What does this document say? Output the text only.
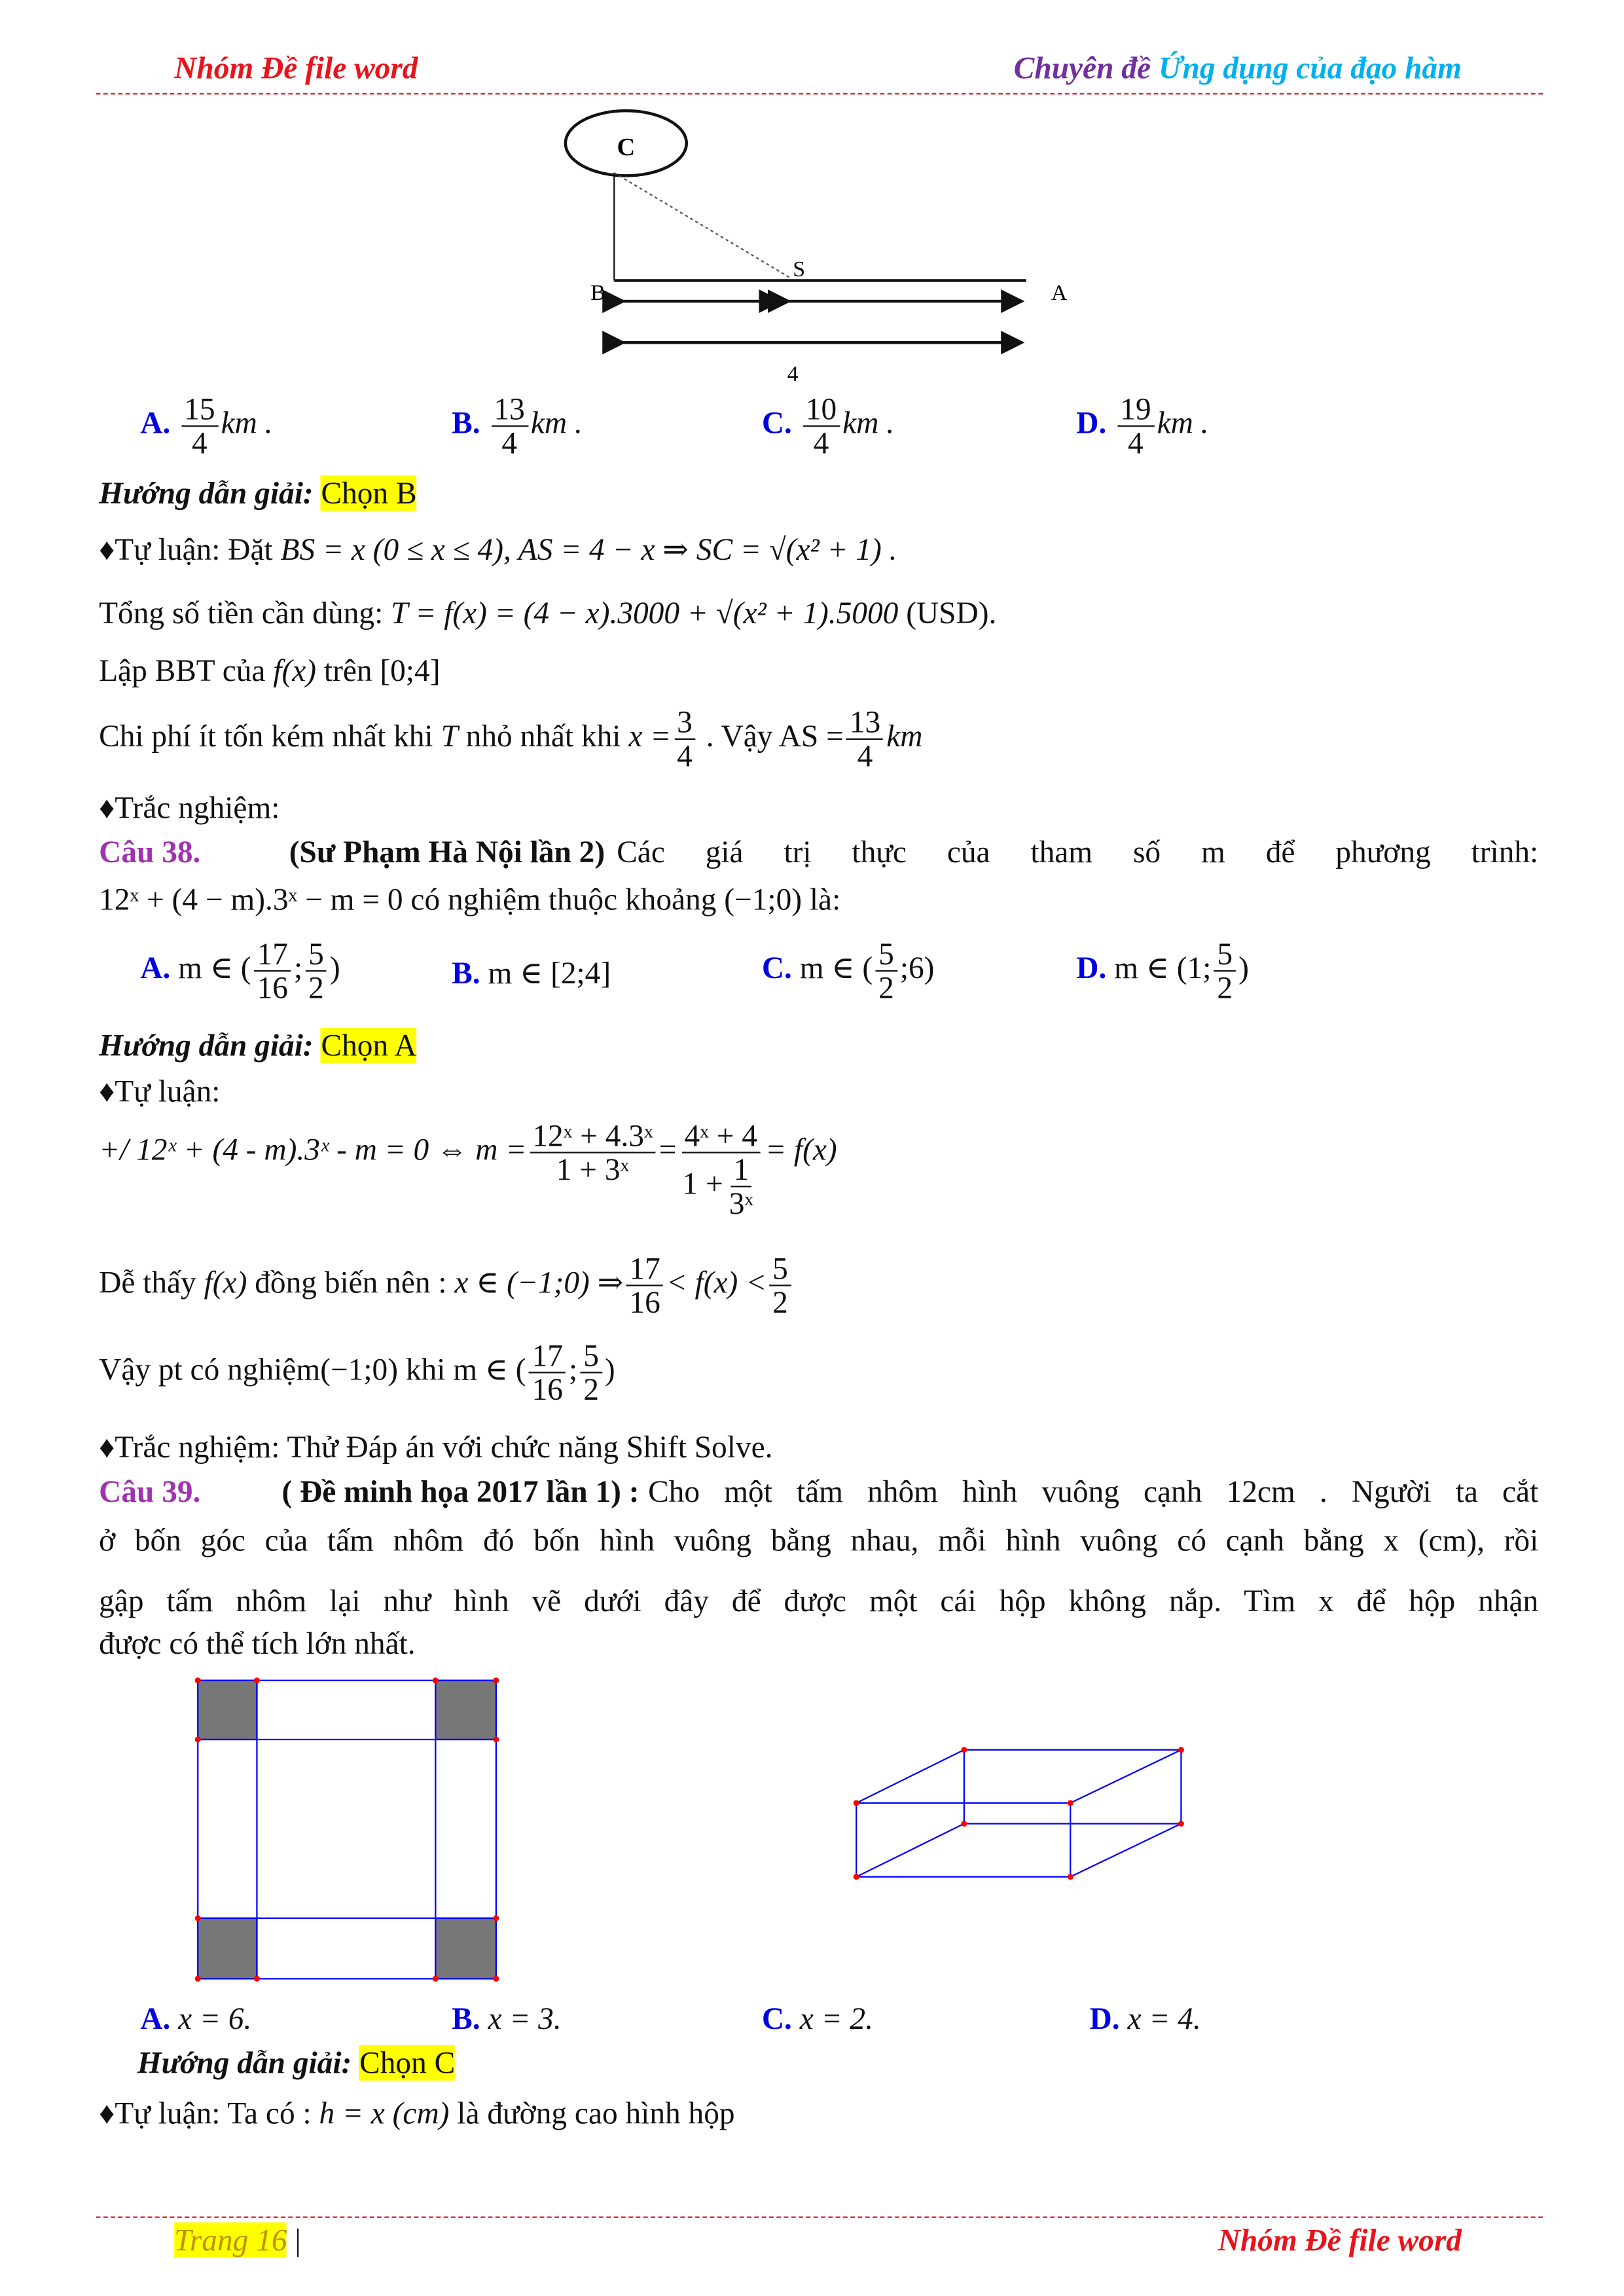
Nhóm Đề file word	Chuyên đề Ứng dụng của đạo hàm
C
S
B	A
4
A. $\frac{15}{4}$ km .	B. $\frac{13}{4}$ km .	C. $\frac{10}{4}$ km .	D. $\frac{19}{4}$ km .
Hướng dẫn giải: Chọn B
♦Tự luận: Đặt BS = x (0 ≤ x ≤ 4), AS = 4 − x ⇒ SC = √(x² + 1) .
Tổng số tiền cần dùng: T = f(x) = (4 − x).3000 + √(x² + 1).5000 (USD).
Lập BBT của f(x) trên [0;4]
Chi phí ít tốn kém nhất khi T nhỏ nhất khi $x = \frac{3}{4}$ . Vậy AS = $\frac{13}{4}$ km
♦Trắc nghiệm:
Câu 38.	(Sư Phạm Hà Nội lần 2) Các giá trị thực của tham số m để phương trình:
12ˣ + (4 − m).3ˣ − m = 0 có nghiệm thuộc khoảng (−1;0) là:
A. m ∈ ( $\frac{17}{16}$ ; $\frac{5}{2}$ )	B. m ∈ [2;4]	C. m ∈ ( $\frac{5}{2}$ ;6)	D. m ∈ (1; $\frac{5}{2}$ )
Hướng dẫn giải: Chọn A
♦Tự luận:
+/ 12ˣ + (4 - m).3ˣ - m = 0 ⇔ $m = \frac{\text{12ˣ + 4.3ˣ}}{\text{1 + 3ˣ}} = \frac{\text{4ˣ + 4}}{1 + \frac{1}{\text{3ˣ}}} = f(x)$
Dễ thấy f(x) đồng biến nên : x ∈ (−1;0) ⇒ $\frac{17}{16} < f(x) < \frac{5}{2}$
Vậy pt có nghiệm(−1;0) khi m ∈ ( $\frac{17}{16}$ ; $\frac{5}{2}$ )
♦Trắc nghiệm: Thử Đáp án với chức năng Shift Solve.
Câu 39.	( Đề minh họa 2017 lần 1) : Cho một tấm nhôm hình vuông cạnh 12cm . Người ta cắt
ở bốn góc của tấm nhôm đó bốn hình vuông bằng nhau, mỗi hình vuông có cạnh bằng x (cm), rồi
gập tấm nhôm lại như hình vẽ dưới đây để được một cái hộp không nắp. Tìm x để hộp nhận
được có thể tích lớn nhất.
A. x = 6.	B. x = 3.	C. x = 2.	D. x = 4.
Hướng dẫn giải: Chọn C
♦Tự luận: Ta có : h = x (cm) là đường cao hình hộp
Trang 16 |	Nhóm Đề file word
